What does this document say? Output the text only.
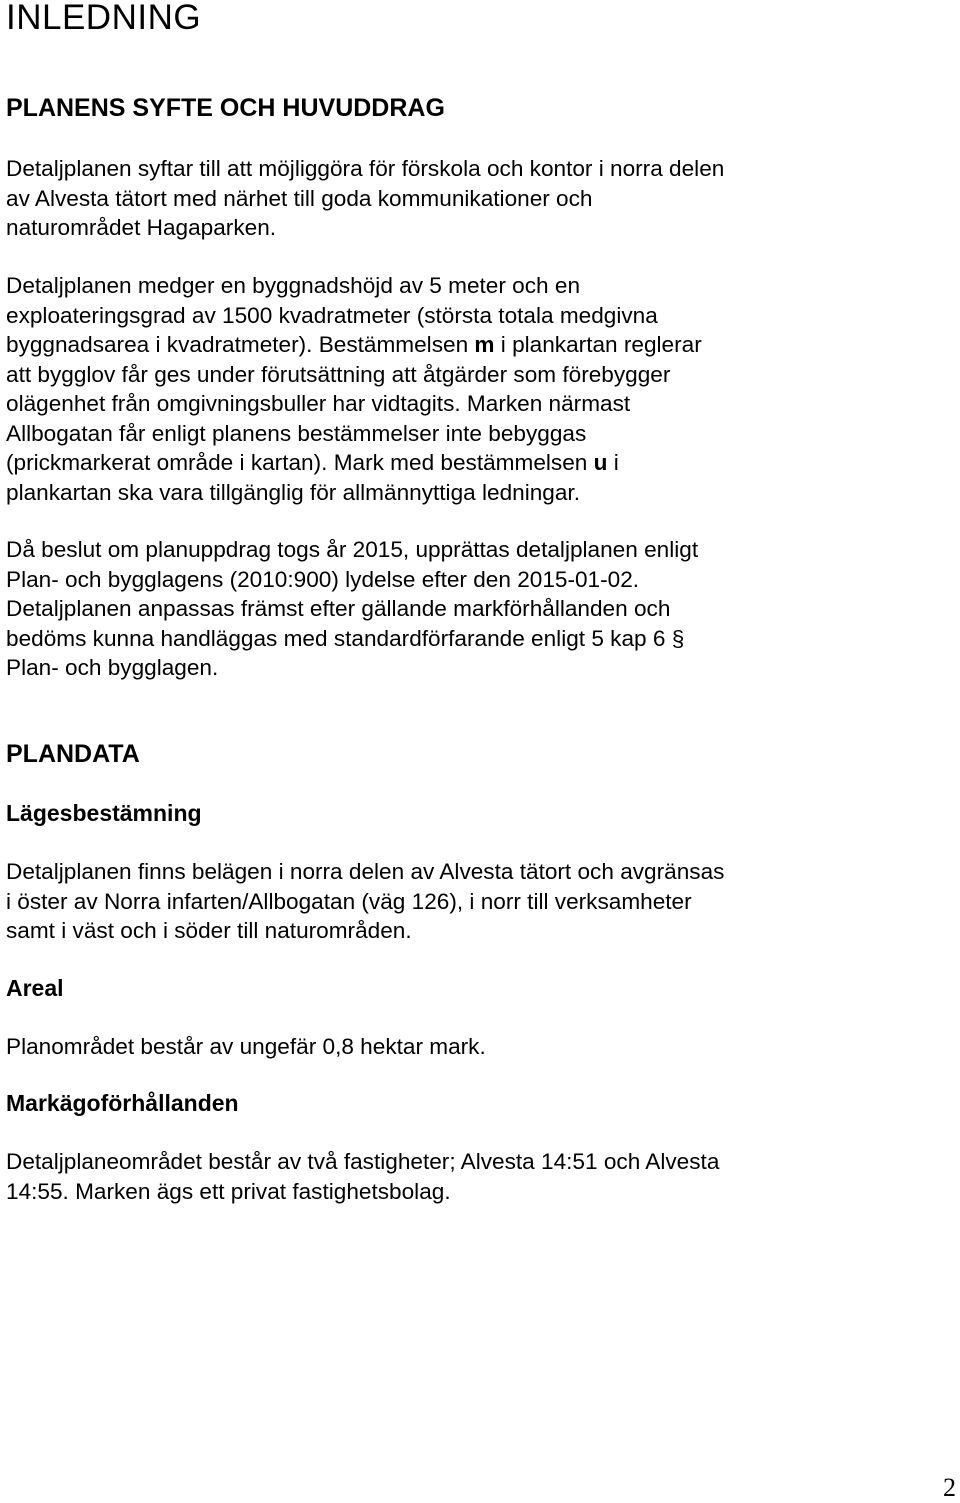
INLEDNING
PLANENS SYFTE OCH HUVUDDRAG
Detaljplanen syftar till att möjliggöra för förskola och kontor i norra delen
av Alvesta tätort med närhet till goda kommunikationer och
naturområdet Hagaparken.
Detaljplanen medger en byggnadshöjd av 5 meter och en
exploateringsgrad av 1500 kvadratmeter (största totala medgivna
byggnadsarea i kvadratmeter). Bestämmelsen m i plankartan reglerar
att bygglov får ges under förutsättning att åtgärder som förebygger
olägenhet från omgivningsbuller har vidtagits. Marken närmast
Allbogatan får enligt planens bestämmelser inte bebyggas
(prickmarkerat område i kartan). Mark med bestämmelsen u i
plankartan ska vara tillgänglig för allmännyttiga ledningar.
Då beslut om planuppdrag togs år 2015, upprättas detaljplanen enligt
Plan- och bygglagens (2010:900) lydelse efter den 2015-01-02.
Detaljplanen anpassas främst efter gällande markförhållanden och
bedöms kunna handläggas med standardförfarande enligt 5 kap 6 §
Plan- och bygglagen.
PLANDATA
Lägesbestämning
Detaljplanen finns belägen i norra delen av Alvesta tätort och avgränsas
i öster av Norra infarten/Allbogatan (väg 126), i norr till verksamheter
samt i väst och i söder till naturområden.
Areal
Planområdet består av ungefär 0,8 hektar mark.
Markägoförhållanden
Detaljplaneområdet består av två fastigheter; Alvesta 14:51 och Alvesta
14:55. Marken ägs ett privat fastighetsbolag.
2
